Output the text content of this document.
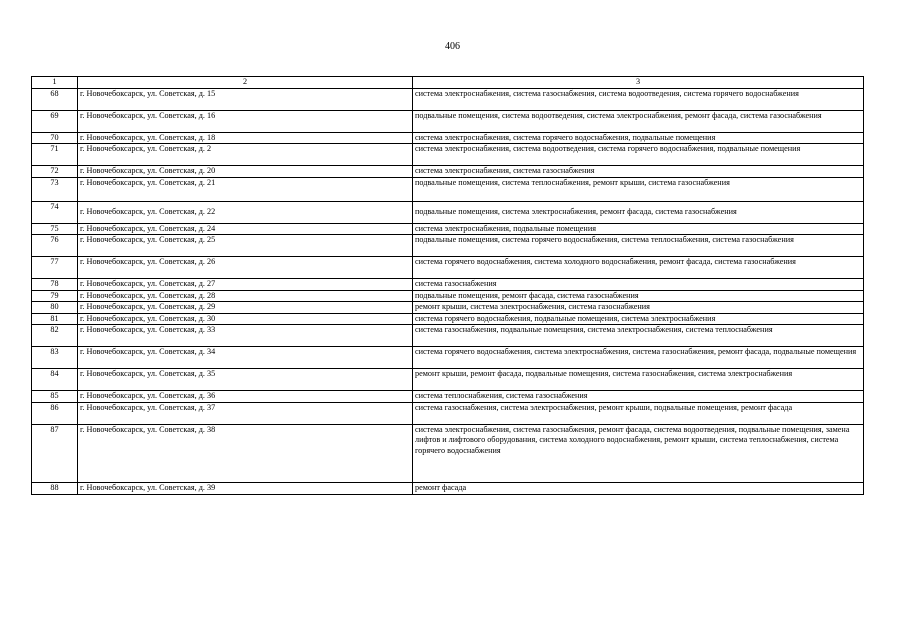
406
1	2	3
68	г. Новочебоксарск, ул. Советская, д. 15	система электроснабжения, система газоснабжения, система водоотведения, система горячего водоснабжения
69	г. Новочебоксарск, ул. Советская, д. 16	подвальные помещения, система водоотведения, система электроснабжения, ремонт фасада, система газоснабжения
70	г. Новочебоксарск, ул. Советская, д. 18	система электроснабжения, система горячего водоснабжения, подвальные помещения
71	г. Новочебоксарск, ул. Советская, д. 2	система электроснабжения, система водоотведения, система горячего водоснабжения, подвальные помещения
72	г. Новочебоксарск, ул. Советская, д. 20	система электроснабжения, система газоснабжения
73	г. Новочебоксарск, ул. Советская, д. 21	подвальные помещения, система теплоснабжения, ремонт крыши, система газоснабжения
74	г. Новочебоксарск, ул. Советская, д. 22	подвальные помещения, система электроснабжения, ремонт фасада, система газоснабжения
75	г. Новочебоксарск, ул. Советская, д. 24	система электроснабжения, подвальные помещения
76	г. Новочебоксарск, ул. Советская, д. 25	подвальные помещения, система горячего водоснабжения, система теплоснабжения, система газоснабжения
77	г. Новочебоксарск, ул. Советская, д. 26	система горячего водоснабжения, система холодного водоснабжения, ремонт фасада, система газоснабжения
78	г. Новочебоксарск, ул. Советская, д. 27	система газоснабжения
79	г. Новочебоксарск, ул. Советская, д. 28	подвальные помещения, ремонт фасада, система газоснабжения
80	г. Новочебоксарск, ул. Советская, д. 29	ремонт крыши, система электроснабжения, система газоснабжения
81	г. Новочебоксарск, ул. Советская, д. 30	система горячего водоснабжения, подвальные помещения, система электроснабжения
82	г. Новочебоксарск, ул. Советская, д. 33	система газоснабжения, подвальные помещения, система электроснабжения, система теплоснабжения
83	г. Новочебоксарск, ул. Советская, д. 34	система горячего водоснабжения, система электроснабжения, система газоснабжения, ремонт фасада, подвальные помещения
84	г. Новочебоксарск, ул. Советская, д. 35	ремонт крыши, ремонт фасада, подвальные помещения, система газоснабжения, система электроснабжения
85	г. Новочебоксарск, ул. Советская, д. 36	система теплоснабжения, система газоснабжения
86	г. Новочебоксарск, ул. Советская, д. 37	система газоснабжения, система электроснабжения, ремонт крыши, подвальные помещения, ремонт фасада
87	г. Новочебоксарск, ул. Советская, д. 38	система электроснабжения, система газоснабжения, ремонт фасада, система водоотведения, подвальные помещения, замена лифтов и лифтового оборудования, система холодного водоснабжения, ремонт крыши, система теплоснабжения, система горячего водоснабжения
88	г. Новочебоксарск, ул. Советская, д. 39	ремонт фасада
